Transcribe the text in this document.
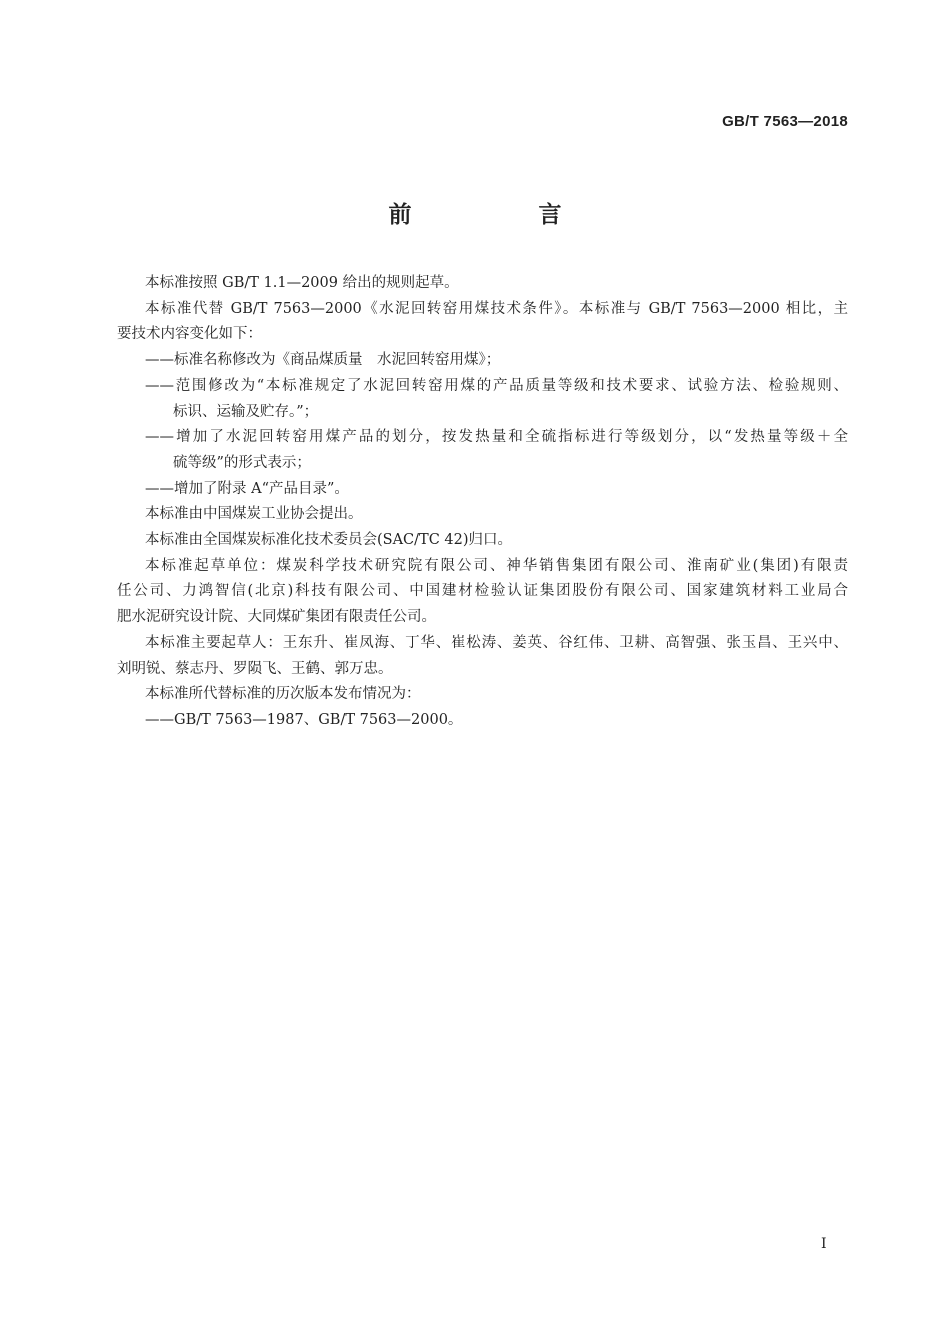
GB/T 7563—2018
前　言
本标准按照 GB/T 1.1—2009 给出的规则起草。
本标准代替 GB/T 7563—2000《水泥回转窑用煤技术条件》。本标准与 GB/T 7563—2000 相比，主
要技术内容变化如下：
——标准名称修改为《商品煤质量　水泥回转窑用煤》；
——范围修改为“本标准规定了水泥回转窑用煤的产品质量等级和技术要求、试验方法、检验规则、
标识、运输及贮存。”；
——增加了水泥回转窑用煤产品的划分，按发热量和全硫指标进行等级划分，以“发热量等级＋全
硫等级”的形式表示；
——增加了附录 A“产品目录”。
本标准由中国煤炭工业协会提出。
本标准由全国煤炭标准化技术委员会(SAC/TC 42)归口。
本标准起草单位：煤炭科学技术研究院有限公司、神华销售集团有限公司、淮南矿业(集团)有限责
任公司、力鸿智信(北京)科技有限公司、中国建材检验认证集团股份有限公司、国家建筑材料工业局合
肥水泥研究设计院、大同煤矿集团有限责任公司。
本标准主要起草人：王东升、崔凤海、丁华、崔松涛、姜英、谷红伟、卫耕、高智强、张玉昌、王兴中、
刘明锐、蔡志丹、罗陨飞、王鹤、郭万忠。
本标准所代替标准的历次版本发布情况为：
——GB/T 7563—1987、GB/T 7563—2000。
I
